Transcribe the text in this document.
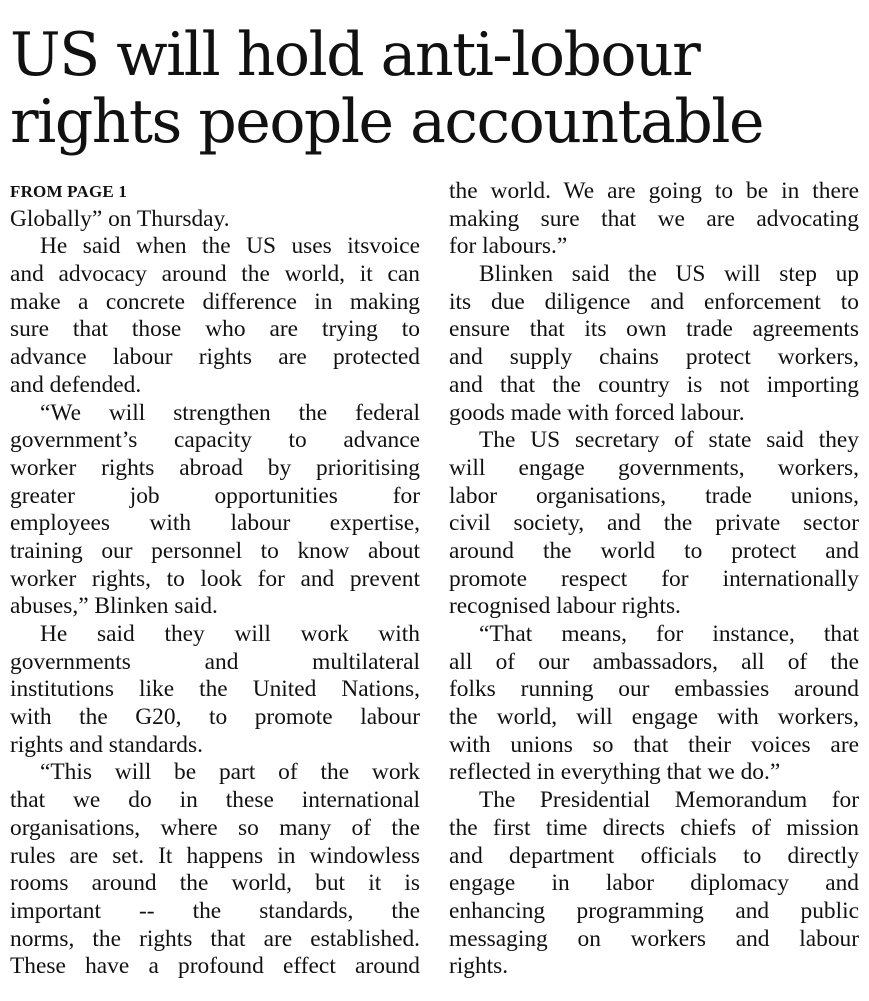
US will hold anti-lobour
rights people accountable
FROM PAGE 1
Globally” on Thursday.
He said when the US uses itsvoice
and advocacy around the world, it can
make a concrete difference in making
sure that those who are trying to
advance labour rights are protected
and defended.
“We will strengthen the federal
government’s capacity to advance
worker rights abroad by prioritising
greater job opportunities for
employees with labour expertise,
training our personnel to know about
worker rights, to look for and prevent
abuses,” Blinken said.
He said they will work with
governments and multilateral
institutions like the United Nations,
with the G20, to promote labour
rights and standards.
“This will be part of the work
that we do in these international
organisations, where so many of the
rules are set. It happens in windowless
rooms around the world, but it is
important -- the standards, the
norms, the rights that are established.
These have a profound effect around
the world. We are going to be in there
making sure that we are advocating
for labours.”
Blinken said the US will step up
its due diligence and enforcement to
ensure that its own trade agreements
and supply chains protect workers,
and that the country is not importing
goods made with forced labour.
The US secretary of state said they
will engage governments, workers,
labor organisations, trade unions,
civil society, and the private sector
around the world to protect and
promote respect for internationally
recognised labour rights.
“That means, for instance, that
all of our ambassadors, all of the
folks running our embassies around
the world, will engage with workers,
with unions so that their voices are
reflected in everything that we do.”
The Presidential Memorandum for
the first time directs chiefs of mission
and department officials to directly
engage in labor diplomacy and
enhancing programming and public
messaging on workers and labour
rights.
